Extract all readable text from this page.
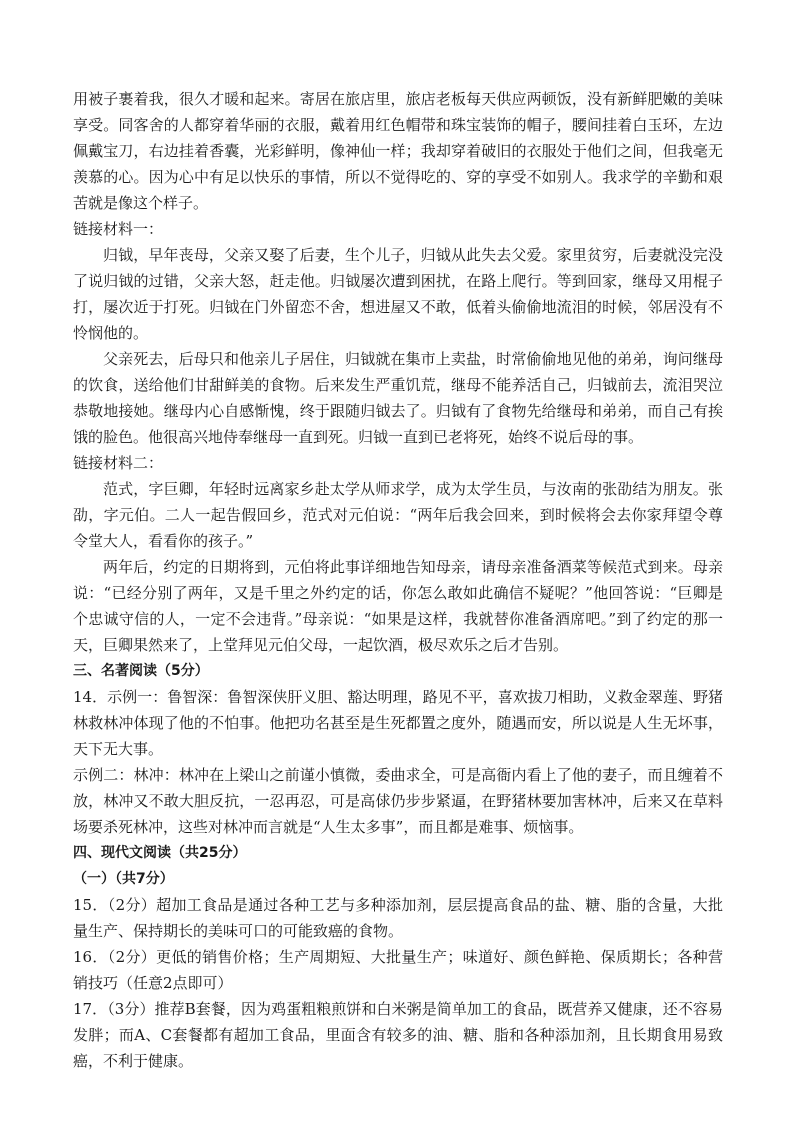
用被子裹着我，很久才暖和起来。寄居在旅店里，旅店老板每天供应两顿饭，没有新鲜肥嫩的美味享受。同客舍的人都穿着华丽的衣服，戴着用红色帽带和珠宝装饰的帽子，腰间挂着白玉环，左边佩戴宝刀，右边挂着香囊，光彩鲜明，像神仙一样；我却穿着破旧的衣服处于他们之间，但我毫无羡慕的心。因为心中有足以快乐的事情，所以不觉得吃的、穿的享受不如别人。我求学的辛勤和艰苦就是像这个样子。

链接材料一：

归钺，早年丧母，父亲又娶了后妻，生个儿子，归钺从此失去父爱。家里贫穷，后妻就没完没了说归钺的过错，父亲大怒，赶走他。归钺屡次遭到困扰，在路上爬行。等到回家，继母又用棍子打，屡次近于打死。归钺在门外留恋不舍，想进屋又不敢，低着头偷偷地流泪的时候，邻居没有不怜悯他的。

父亲死去，后母只和他亲儿子居住，归钺就在集市上卖盐，时常偷偷地见他的弟弟，询问继母的饮食，送给他们甘甜鲜美的食物。后来发生严重饥荒，继母不能养活自己，归钺前去，流泪哭泣恭敬地接她。继母内心自感惭愧，终于跟随归钺去了。归钺有了食物先给继母和弟弟，而自己有挨饿的脸色。他很高兴地侍奉继母一直到死。归钺一直到已老将死，始终不说后母的事。

链接材料二：

范式，字巨卿，年轻时远离家乡赴太学从师求学，成为太学生员，与汝南的张劭结为朋友。张劭，字元伯。二人一起告假回乡，范式对元伯说：“两年后我会回来，到时候将会去你家拜望令尊令堂大人，看看你的孩子。”

两年后，约定的日期将到，元伯将此事详细地告知母亲，请母亲准备酒菜等候范式到来。母亲说：“已经分别了两年，又是千里之外约定的话，你怎么敢如此确信不疑呢？”他回答说：“巨卿是个忠诚守信的人，一定不会违背。”母亲说：“如果是这样，我就替你准备酒席吧。”到了约定的那一天，巨卿果然来了，上堂拜见元伯父母，一起饮酒，极尽欢乐之后才告别。

三、名著阅读（5分）

14．示例一：鲁智深：鲁智深侠肝义胆、豁达明理，路见不平，喜欢拔刀相助，义救金翠莲、野猪林救林冲体现了他的不怕事。他把功名甚至是生死都置之度外，随遇而安，所以说是人生无坏事，天下无大事。

示例二：林冲：林冲在上梁山之前谨小慎微，委曲求全，可是高衙内看上了他的妻子，而且缠着不放，林冲又不敢大胆反抗，一忍再忍，可是高俅仍步步紧逼，在野猪林要加害林冲，后来又在草料场要杀死林冲，这些对林冲而言就是“人生太多事”，而且都是难事、烦恼事。

四、现代文阅读（共25分）

（一）（共7分）

15．（2分）超加工食品是通过各种工艺与多种添加剂，层层提高食品的盐、糖、脂的含量，大批量生产、保持期长的美味可口的可能致癌的食物。

16．（2分）更低的销售价格；生产周期短、大批量生产；味道好、颜色鲜艳、保质期长；各种营销技巧（任意2点即可）

17．（3分）推荐B套餐，因为鸡蛋粗粮煎饼和白米粥是简单加工的食品，既营养又健康，还不容易发胖；而A、C套餐都有超加工食品，里面含有较多的油、糖、脂和各种添加剂，且长期食用易致癌，不利于健康。
